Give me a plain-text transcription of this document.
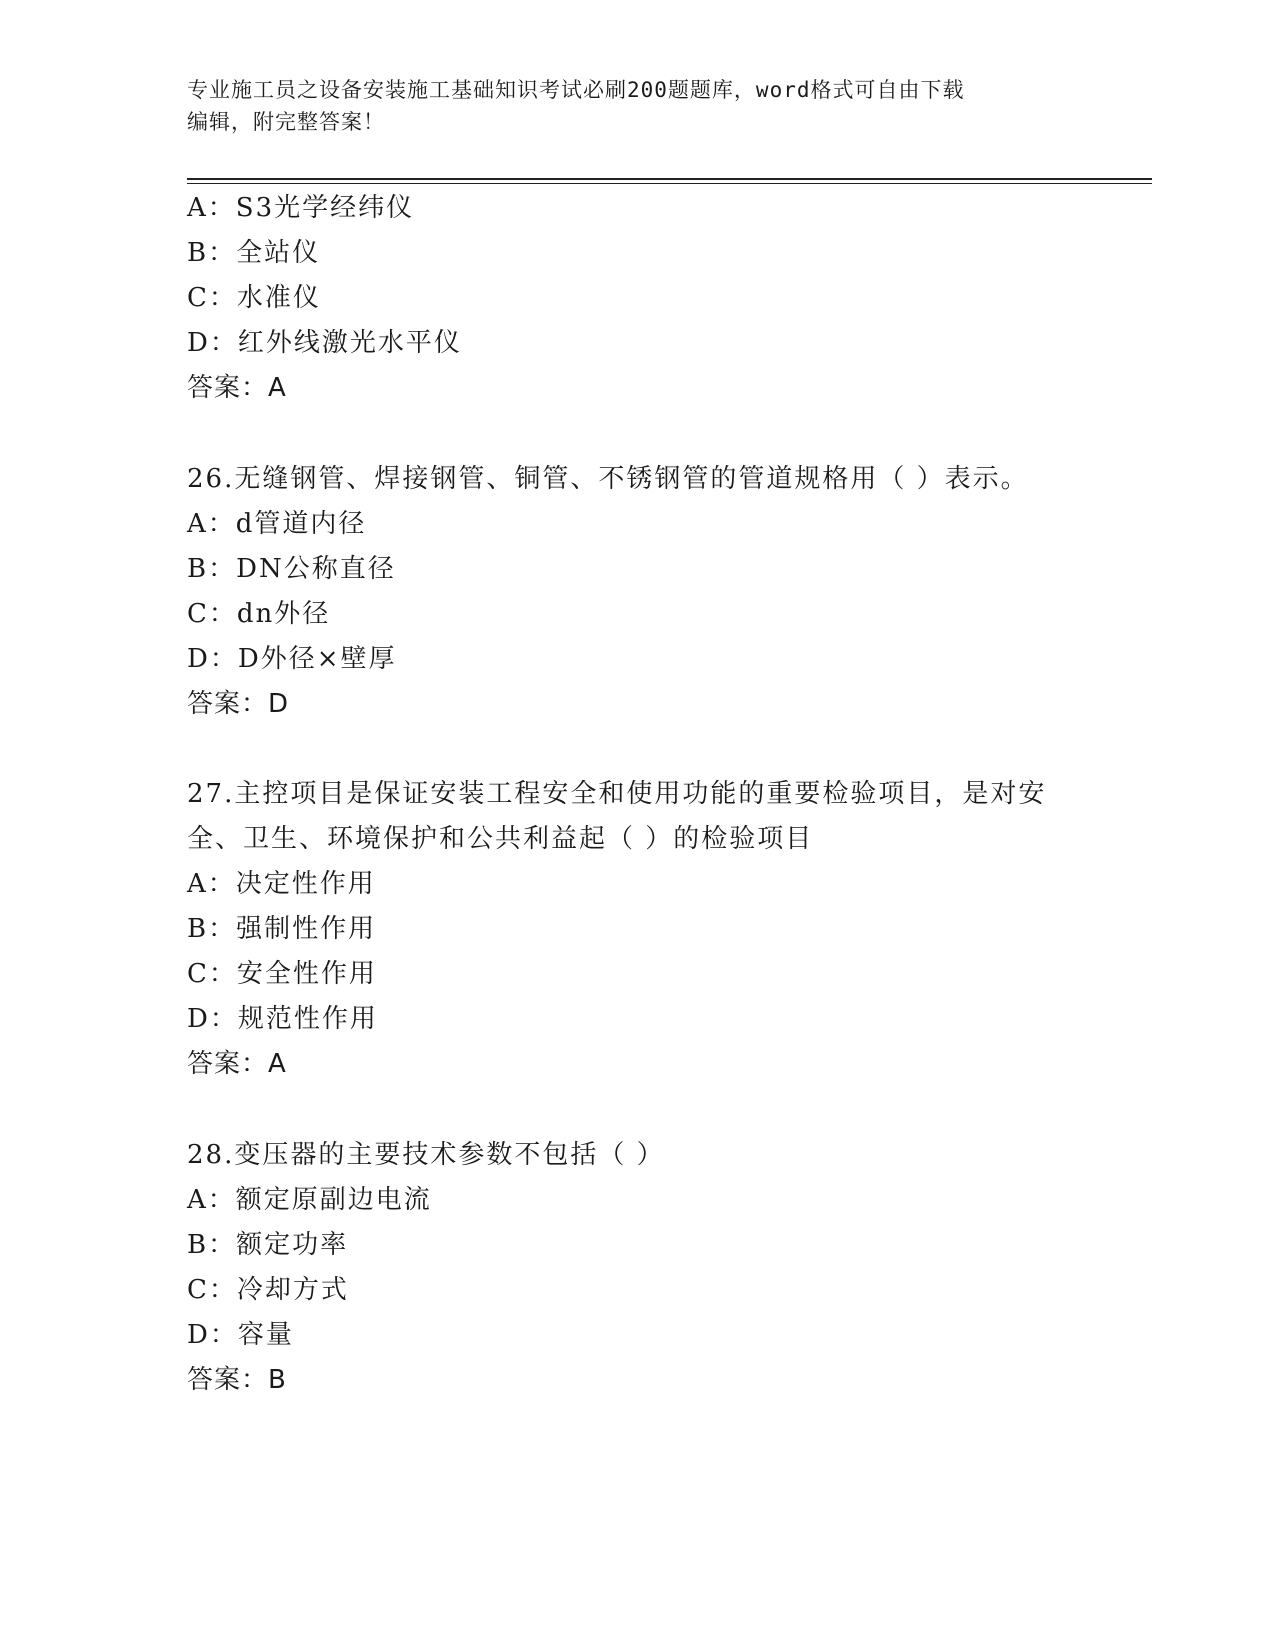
专业施工员之设备安装施工基础知识考试必刷200题题库，word格式可自由下载
编辑，附完整答案！
A：S3光学经纬仪
B：全站仪
C：水准仪
D：红外线激光水平仪
答案：A
26.无缝钢管、焊接钢管、铜管、不锈钢管的管道规格用（ ）表示。
A：d管道内径
B：DN公称直径
C：dn外径
D：D外径×壁厚
答案：D
27.主控项目是保证安装工程安全和使用功能的重要检验项目，是对安
全、卫生、环境保护和公共利益起（ ）的检验项目
A：决定性作用
B：强制性作用
C：安全性作用
D：规范性作用
答案：A
28.变压器的主要技术参数不包括（ ）
A：额定原副边电流
B：额定功率
C：冷却方式
D：容量
答案：B
